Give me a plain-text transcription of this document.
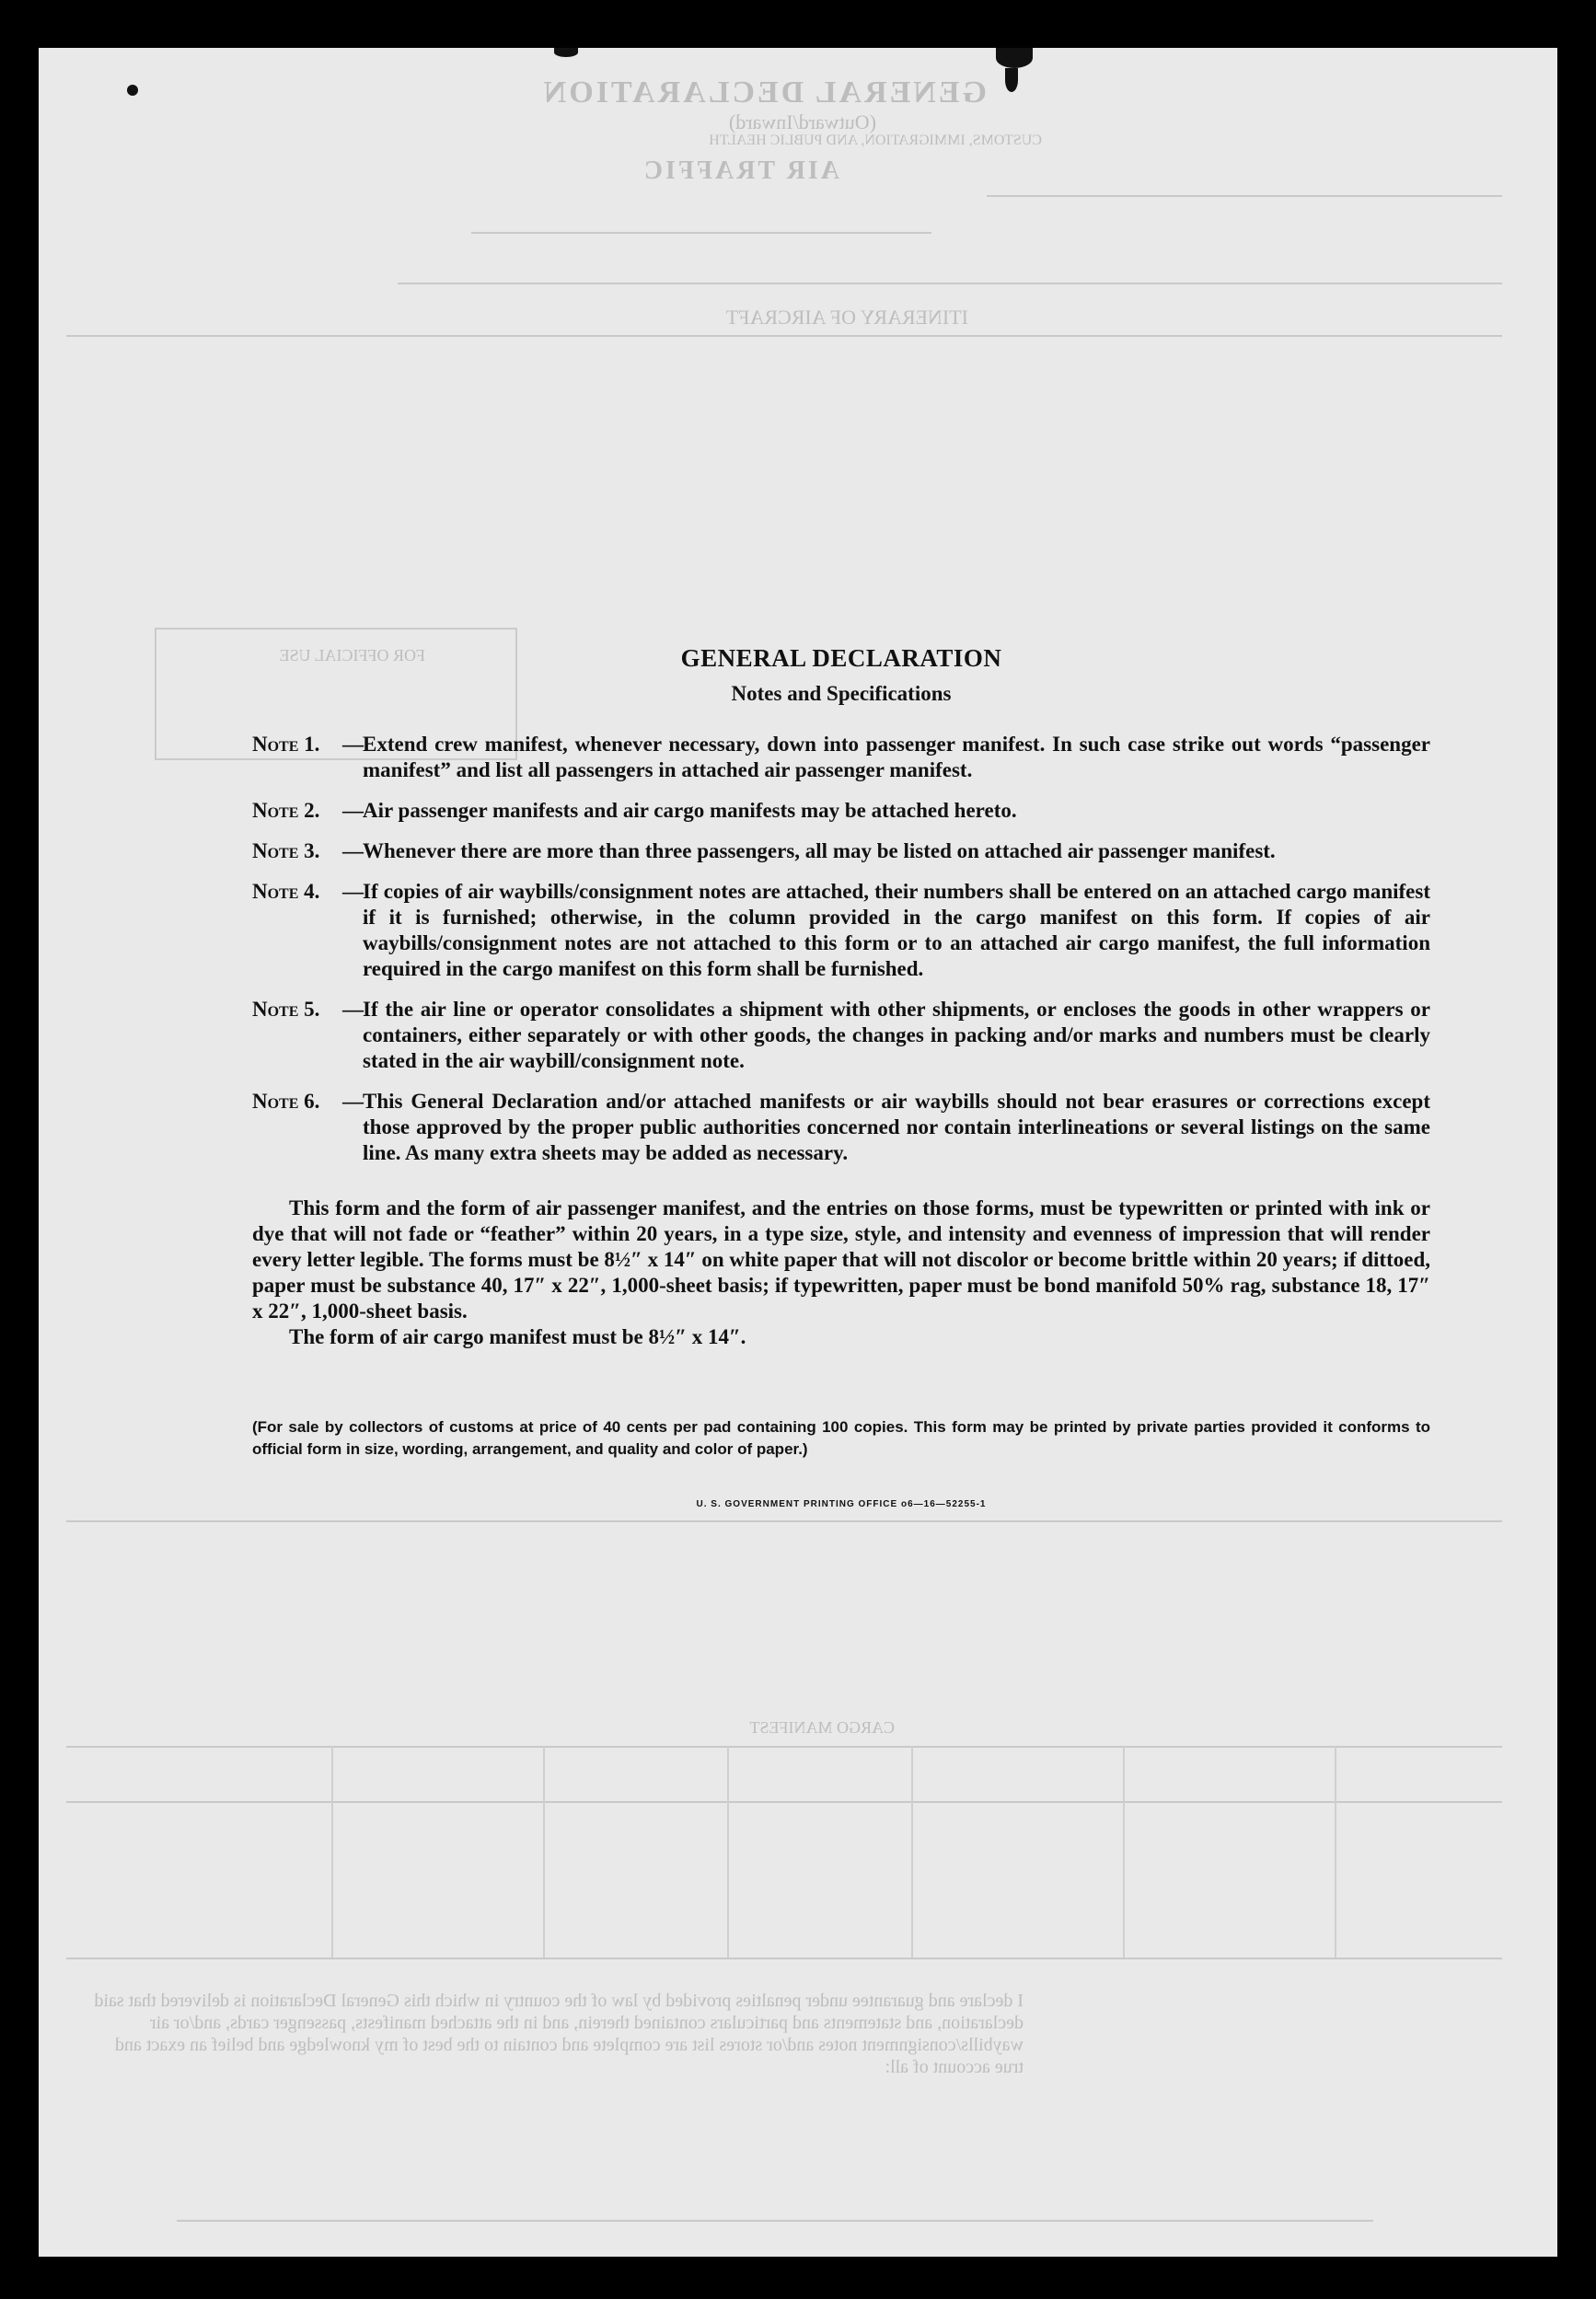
GENERAL DECLARATION
(Outward/Inward)
CUSTOMS, IMMIGRATION, AND PUBLIC HEALTH
AIR TRAFFIC
ITINERARY OF AIRCRAFT
FOR OFFICIAL USE
CARGO MANIFEST
I declare and guarantee under penalties provided by law of the country in which this General Declaration is delivered that said declaration, and statements and particulars contained therein, and in the attached manifests, passenger cards, and/or air waybills/consignment notes and/or stores list are complete and contain to the best of my knowledge and belief an exact and true account of all:
GENERAL DECLARATION
Notes and Specifications
Note 1.	— Extend crew manifest, whenever necessary, down into passenger manifest. In such case strike out words “passenger manifest” and list all passengers in attached air passenger manifest.
Note 2.	— Air passenger manifests and air cargo manifests may be attached hereto.
Note 3.	— Whenever there are more than three passengers, all may be listed on attached air passenger manifest.
Note 4.	— If copies of air waybills/consignment notes are attached, their numbers shall be entered on an attached cargo manifest if it is furnished; otherwise, in the column provided in the cargo manifest on this form. If copies of air waybills/consignment notes are not attached to this form or to an attached air cargo manifest, the full information required in the cargo manifest on this form shall be furnished.
Note 5.	— If the air line or operator consolidates a shipment with other shipments, or encloses the goods in other wrappers or containers, either separately or with other goods, the changes in packing and/or marks and numbers must be clearly stated in the air waybill/consignment note.
Note 6.	— This General Declaration and/or attached manifests or air waybills should not bear erasures or corrections except those approved by the proper public authorities concerned nor contain interlineations or several listings on the same line. As many extra sheets may be added as necessary.
This form and the form of air passenger manifest, and the entries on those forms, must be typewritten or printed with ink or dye that will not fade or “feather” within 20 years, in a type size, style, and intensity and evenness of impression that will render every letter legible. The forms must be 8½″ x 14″ on white paper that will not discolor or become brittle within 20 years; if dittoed, paper must be substance 40, 17″ x 22″, 1,000-sheet basis; if typewritten, paper must be bond manifold 50% rag, substance 18, 17″ x 22″, 1,000-sheet basis.
The form of air cargo manifest must be 8½″ x 14″.
(For sale by collectors of customs at price of 40 cents per pad containing 100 copies. This form may be printed by private parties provided it conforms to official form in size, wording, arrangement, and quality and color of paper.)
U. S. GOVERNMENT PRINTING OFFICE o6—16—52255-1
